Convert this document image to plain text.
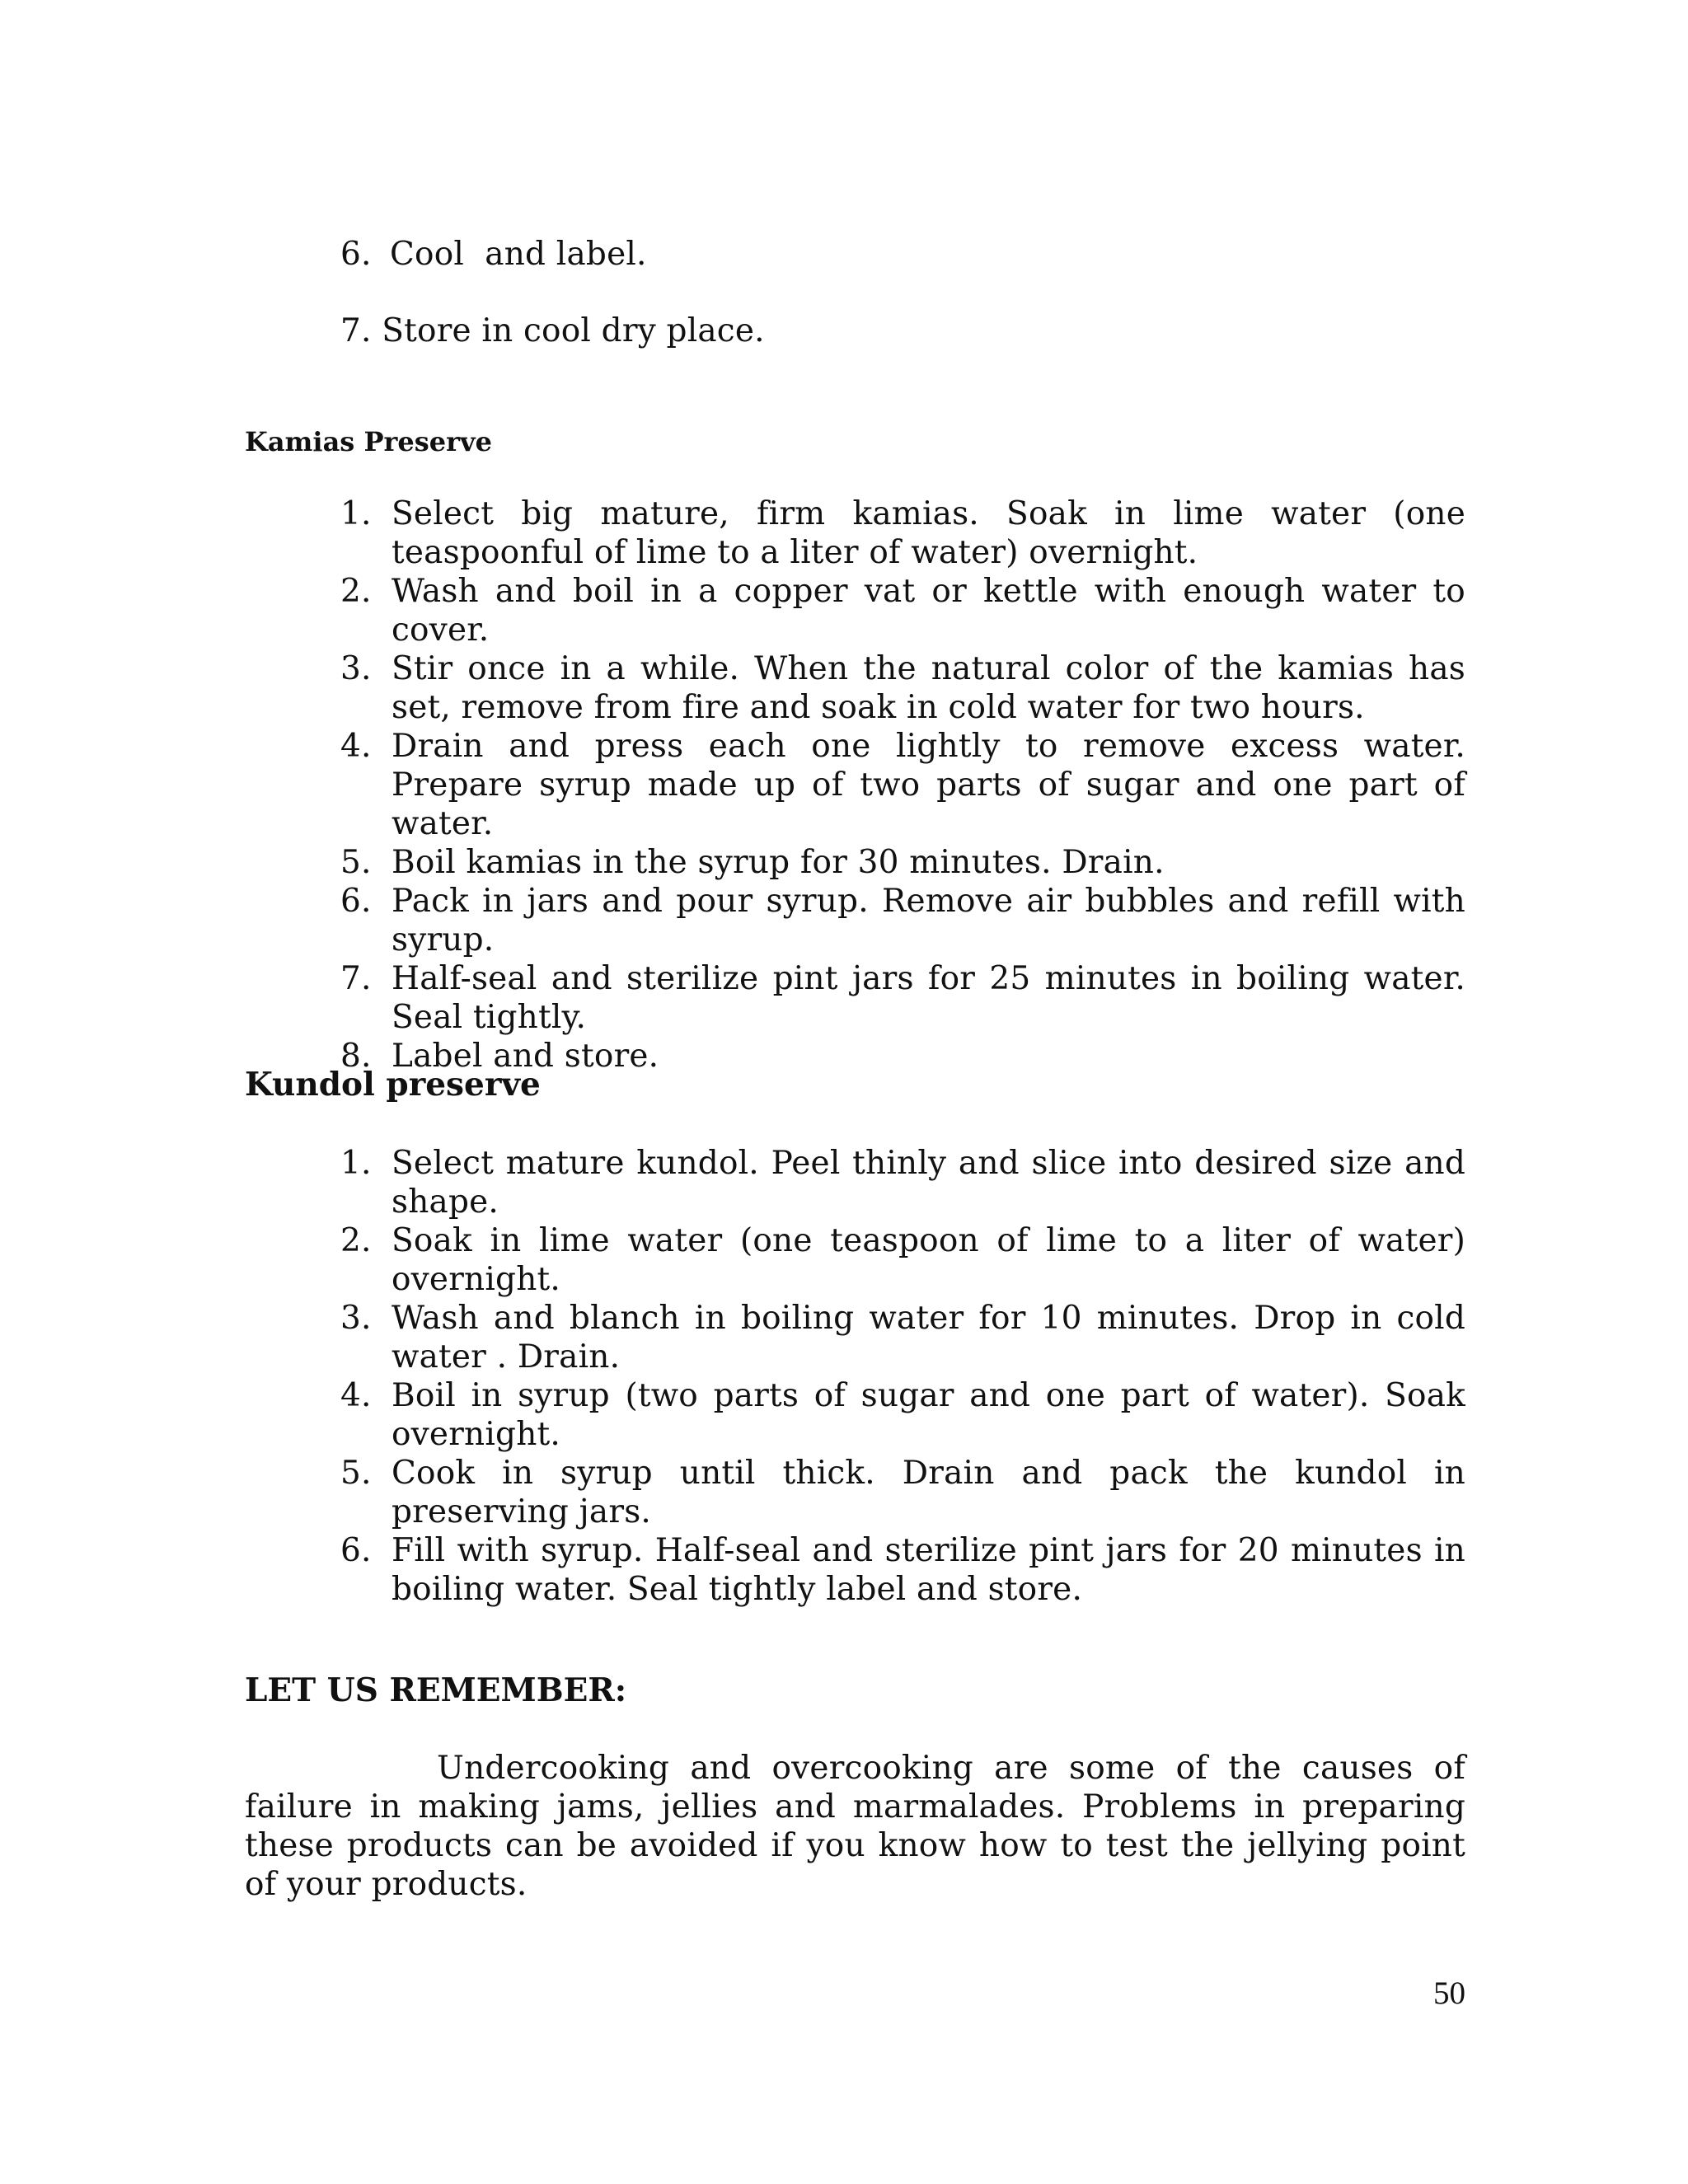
6. Cool  and label.
7. Store in cool dry place.
Kamias Preserve
1. Select big mature, firm kamias. Soak in lime water (one teaspoonful of lime to a liter of water) overnight.
2. Wash and boil in a copper vat or kettle with enough water to cover.
3. Stir once in a while. When the natural color of the kamias has set, remove from fire and soak in cold water for two hours.
4. Drain and press each one lightly to remove excess water. Prepare syrup made up of two parts of sugar and one part of water.
5. Boil kamias in the syrup for 30 minutes. Drain.
6. Pack in jars and pour syrup. Remove air bubbles and refill with syrup.
7. Half-seal and sterilize pint jars for 25 minutes in boiling water. Seal tightly.
8. Label and store.
Kundol preserve
1. Select mature kundol. Peel thinly and slice into desired size and shape.
2. Soak in lime water (one teaspoon of lime to a liter of water) overnight.
3. Wash and blanch in boiling water for 10 minutes. Drop in cold water . Drain.
4. Boil in syrup (two parts of sugar and one part of water). Soak overnight.
5. Cook in syrup until thick. Drain and pack the kundol in preserving jars.
6. Fill with syrup. Half-seal and sterilize pint jars for 20 minutes in boiling water. Seal tightly label and store.
LET US REMEMBER:

Undercooking and overcooking are some of the causes of failure in making jams, jellies and marmalades. Problems in preparing these products can be avoided if you know how to test the jellying point of your products.

50
